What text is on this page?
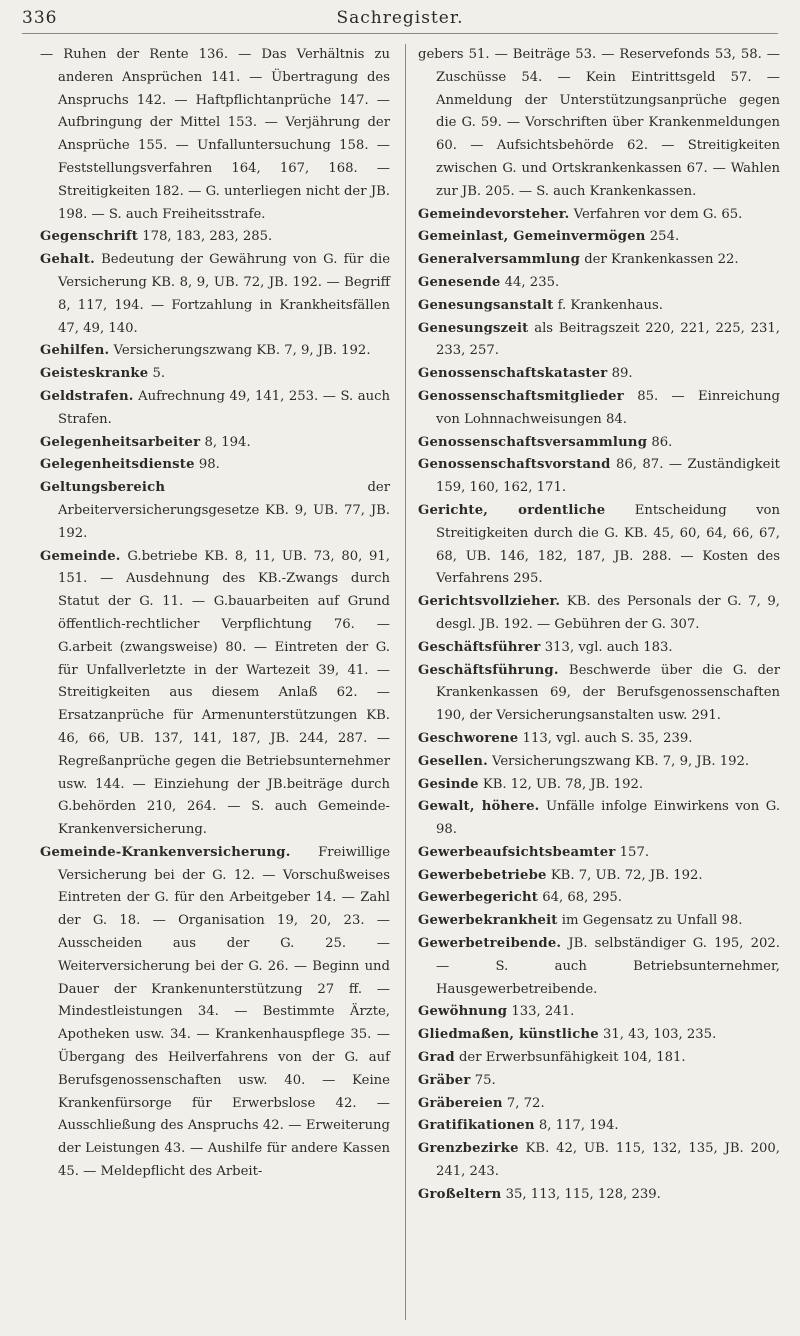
336	Sachregister.

— Ruhen der Rente 136. — Das Verhältnis zu anderen Ansprüchen 141. — Übertragung des Anspruchs 142. — Haftpflichtanprüche 147. — Aufbringung der Mittel 153. — Verjährung der Ansprüche 155. — Unfalluntersuchung 158. — Feststellungsverfahren 164, 167, 168. — Streitigkeiten 182. — G. unterliegen nicht der JB. 198. — S. auch Freiheitsstrafe.

Gegenschrift 178, 183, 283, 285.

Gehalt. Bedeutung der Gewährung von G. für die Versicherung KB. 8, 9, UB. 72, JB. 192. — Begriff 8, 117, 194. — Fortzahlung in Krankheitsfällen 47, 49, 140.

Gehilfen. Versicherungszwang KB. 7, 9, JB. 192.

Geisteskranke 5.

Geldstrafen. Aufrechnung 49, 141, 253. — S. auch Strafen.

Gelegenheitsarbeiter 8, 194.

Gelegenheitsdienste 98.

Geltungsbereich der Arbeiterversicherungsgesetze KB. 9, UB. 77, JB. 192.

Gemeinde. G.betriebe KB. 8, 11, UB. 73, 80, 91, 151. — Ausdehnung des KB.-Zwangs durch Statut der G. 11. — G.bauarbeiten auf Grund öffentlich-rechtlicher Verpflichtung 76. — G.arbeit (zwangsweise) 80. — Eintreten der G. für Unfallverletzte in der Wartezeit 39, 41. — Streitigkeiten aus diesem Anlaß 62. — Ersatzanprüche für Armenunterstützungen KB. 46, 66, UB. 137, 141, 187, JB. 244, 287. — Regreßanprüche gegen die Betriebsunternehmer usw. 144. — Einziehung der JB.beiträge durch G.behörden 210, 264. — S. auch Gemeinde-Krankenversicherung.

Gemeinde-Krankenversicherung. Freiwillige Versicherung bei der G. 12. — Vorschußweises Eintreten der G. für den Arbeitgeber 14. — Zahl der G. 18. — Organisation 19, 20, 23. — Ausscheiden aus der G. 25. — Weiterversicherung bei der G. 26. — Beginn und Dauer der Krankenunterstützung 27 ff. — Mindestleistungen 34. — Bestimmte Ärzte, Apotheken usw. 34. — Krankenhauspflege 35. — Übergang des Heilverfahrens von der G. auf Berufsgenossenschaften usw. 40. — Keine Krankenfürsorge für Erwerbslose 42. — Ausschließung des Anspruchs 42. — Erweiterung der Leistungen 43. — Aushilfe für andere Kassen 45. — Meldepflicht des Arbeit-

gebers 51. — Beiträge 53. — Reservefonds 53, 58. — Zuschüsse 54. — Kein Eintrittsgeld 57. — Anmeldung der Unterstützungsanprüche gegen die G. 59. — Vorschriften über Krankenmeldungen 60. — Aufsichtsbehörde 62. — Streitigkeiten zwischen G. und Ortskrankenkassen 67. — Wahlen zur JB. 205. — S. auch Krankenkassen.

Gemeindevorsteher. Verfahren vor dem G. 65.

Gemeinlast, Gemeinvermögen 254.

Generalversammlung der Krankenkassen 22.

Genesende 44, 235.

Genesungsanstalt f. Krankenhaus.

Genesungszeit als Beitragszeit 220, 221, 225, 231, 233, 257.

Genossenschaftskataster 89.

Genossenschaftsmitglieder 85. — Einreichung von Lohnnachweisungen 84.

Genossenschaftsversammlung 86.

Genossenschaftsvorstand 86, 87. — Zuständigkeit 159, 160, 162, 171.

Gerichte, ordentliche Entscheidung von Streitigkeiten durch die G. KB. 45, 60, 64, 66, 67, 68, UB. 146, 182, 187, JB. 288. — Kosten des Verfahrens 295.

Gerichtsvollzieher. KB. des Personals der G. 7, 9, desgl. JB. 192. — Gebühren der G. 307.

Geschäftsführer 313, vgl. auch 183.

Geschäftsführung. Beschwerde über die G. der Krankenkassen 69, der Berufsgenossenschaften 190, der Versicherungsanstalten usw. 291.

Geschworene 113, vgl. auch S. 35, 239.

Gesellen. Versicherungszwang KB. 7, 9, JB. 192.

Gesinde KB. 12, UB. 78, JB. 192.

Gewalt, höhere. Unfälle infolge Einwirkens von G. 98.

Gewerbeaufsichtsbeamter 157.

Gewerbebetriebe KB. 7, UB. 72, JB. 192.

Gewerbegericht 64, 68, 295.

Gewerbekrankheit im Gegensatz zu Unfall 98.

Gewerbetreibende. JB. selbständiger G. 195, 202. — S. auch Betriebsunternehmer, Hausgewerbetreibende.

Gewöhnung 133, 241.

Gliedmaßen, künstliche 31, 43, 103, 235.

Grad der Erwerbsunfähigkeit 104, 181.

Gräber 75.

Gräbereien 7, 72.

Gratifikationen 8, 117, 194.

Grenzbezirke KB. 42, UB. 115, 132, 135, JB. 200, 241, 243.

Großeltern 35, 113, 115, 128, 239.
